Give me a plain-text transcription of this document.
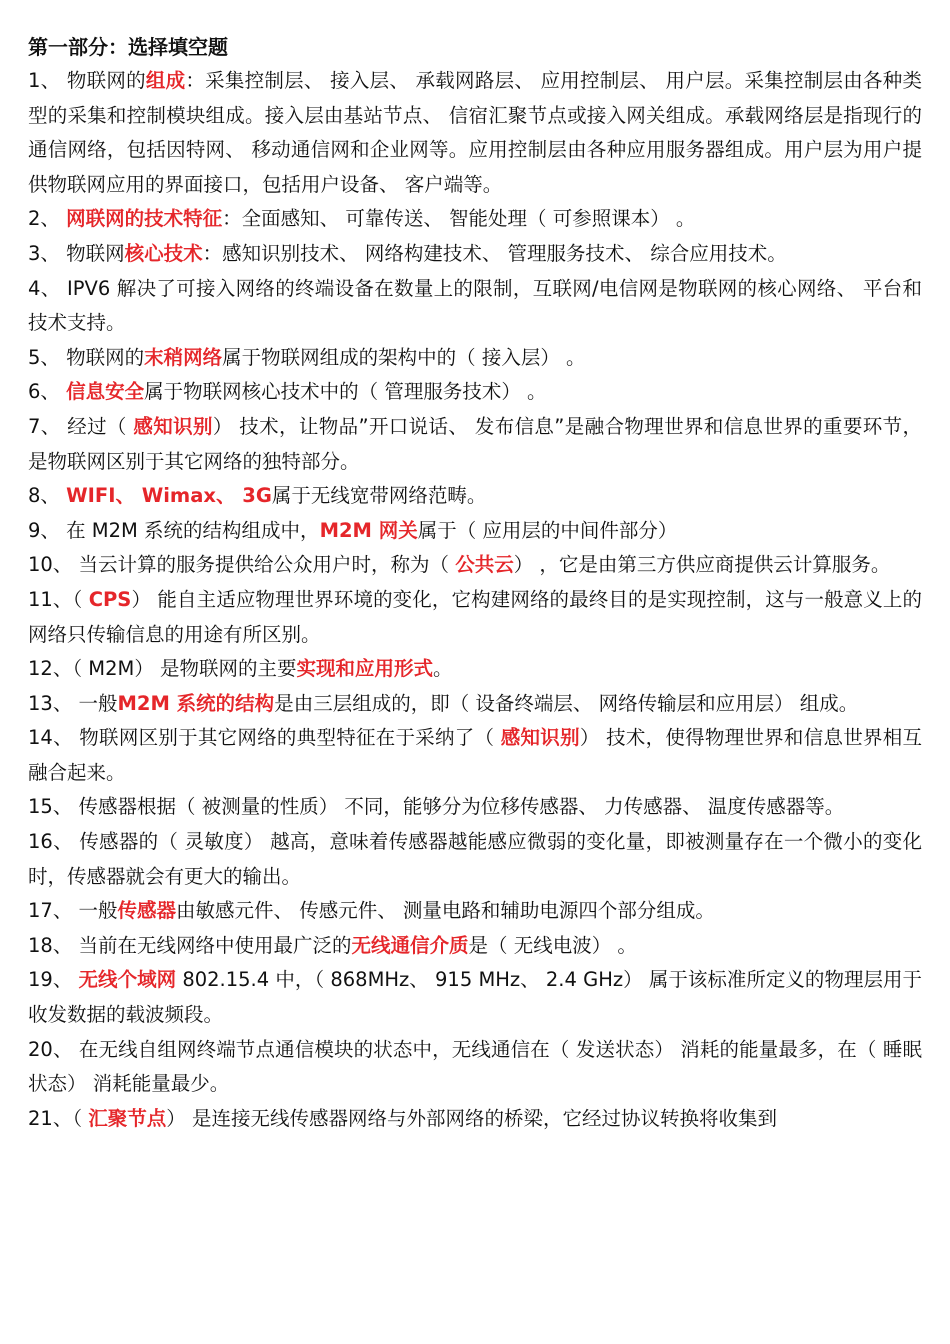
第一部分：选择填空题

1、 物联网的组成：采集控制层、 接入层、 承载网路层、 应用控制层、 用户层。采集控制层由各种类型的采集和控制模块组成。接入层由基站节点、 信宿汇聚节点或接入网关组成。承载网络层是指现行的通信网络，包括因特网、 移动通信网和企业网等。应用控制层由各种应用服务器组成。用户层为用户提供物联网应用的界面接口，包括用户设备、 客户端等。

2、 网联网的技术特征：全面感知、 可靠传送、 智能处理（ 可参照课本） 。

3、 物联网核心技术：感知识别技术、 网络构建技术、 管理服务技术、 综合应用技术。

4、 IPV6 解决了可接入网络的终端设备在数量上的限制，互联网/电信网是物联网的核心网络、 平台和技术支持。

5、 物联网的末稍网络属于物联网组成的架构中的（ 接入层） 。

6、 信息安全属于物联网核心技术中的（ 管理服务技术） 。

7、 经过（ 感知识别） 技术，让物品”开口说话、 发布信息”是融合物理世界和信息世界的重要环节，是物联网区别于其它网络的独特部分。

8、 WIFI、 Wimax、 3G属于无线宽带网络范畴。

9、 在 M2M 系统的结构组成中，M2M 网关属于（ 应用层的中间件部分）

10、 当云计算的服务提供给公众用户时，称为（ 公共云） ，它是由第三方供应商提供云计算服务。

11、（ CPS） 能自主适应物理世界环境的变化，它构建网络的最终目的是实现控制，这与一般意义上的网络只传输信息的用途有所区别。

12、（ M2M） 是物联网的主要实现和应用形式。

13、 一般M2M 系统的结构是由三层组成的，即（ 设备终端层、 网络传输层和应用层） 组成。

14、 物联网区别于其它网络的典型特征在于采纳了（ 感知识别） 技术，使得物理世界和信息世界相互融合起来。

15、 传感器根据（ 被测量的性质） 不同，能够分为位移传感器、 力传感器、 温度传感器等。

16、 传感器的（ 灵敏度） 越高，意味着传感器越能感应微弱的变化量，即被测量存在一个微小的变化时，传感器就会有更大的输出。

17、 一般传感器由敏感元件、 传感元件、 测量电路和辅助电源四个部分组成。

18、 当前在无线网络中使用最广泛的无线通信介质是（ 无线电波） 。

19、 无线个域网 802.15.4 中，（ 868MHz、 915 MHz、 2.4 GHz） 属于该标准所定义的物理层用于收发数据的载波频段。

20、 在无线自组网终端节点通信模块的状态中，无线通信在（ 发送状态） 消耗的能量最多，在（ 睡眠状态） 消耗能量最少。

21、（ 汇聚节点） 是连接无线传感器网络与外部网络的桥梁，它经过协议转换将收集到
